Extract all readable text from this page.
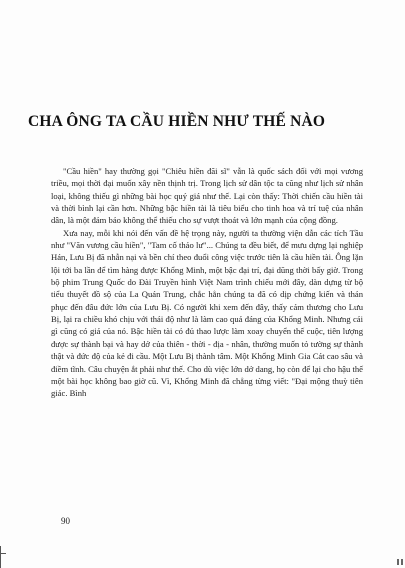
CHA ÔNG TA CẦU HIỀN NHƯ THẾ NÀO

"Cầu hiền" hay thường gọi "Chiêu hiền đãi sĩ" vẫn là quốc sách đối với mọi vương triều, mọi thời đại muốn xây nền thịnh trị. Trong lịch sử dân tộc ta cũng như lịch sử nhân loại, không thiếu gì những bài học quý giá như thế. Lại còn thấy: Thời chiến cầu hiền tài và thời bình lại cần hơn. Những bậc hiền tài là tiêu biểu cho tinh hoa và trí tuệ của nhân dân, là một đảm bảo không thể thiếu cho sự vượt thoát và lớn mạnh của cộng đồng.

Xưa nay, mỗi khi nói đến vấn đề hệ trọng này, người ta thường viện dẫn các tích Tầu như "Văn vương cầu hiền", "Tam cố thảo lư"... Chúng ta đều biết, để mưu dựng lại nghiệp Hán, Lưu Bị đã nhẫn nại và bền chí theo đuổi công việc trước tiên là cầu hiền tài. Ông lặn lội tới ba lần để tìm hàng được Khổng Minh, một bậc đại trí, đại dũng thời bấy giờ. Trong bộ phim Trung Quốc do Đài Truyền hình Việt Nam trình chiếu mới đây, dàn dựng từ bộ tiểu thuyết đồ sộ của La Quán Trung, chắc hẳn chúng ta đã có dịp chứng kiến và thán phục đến đâu đức lớn của Lưu Bị. Có người khi xem đến đây, thấy cảm thương cho Lưu Bị, lại ra chiều khó chịu với thái độ như là làm cao quá đáng của Khổng Minh. Nhưng cái gì cũng có giá của nó. Bậc hiền tài có đủ thao lược làm xoay chuyển thế cuộc, tiên lượng được sự thành bại và hay dở của thiên - thời - địa - nhân, thường muốn tỏ tường sự thành thật và đức độ của kẻ đi cầu. Một Lưu Bị thành tâm. Một Khổng Minh Gia Cát cao sâu và điềm tĩnh. Câu chuyện ắt phải như thế. Cho dù việc lớn dở dang, họ còn để lại cho hậu thế một bài học không bao giờ cũ. Vì, Khổng Minh đã chẳng từng viết: "Đại mộng thuỳ tiên giác. Bình

90
